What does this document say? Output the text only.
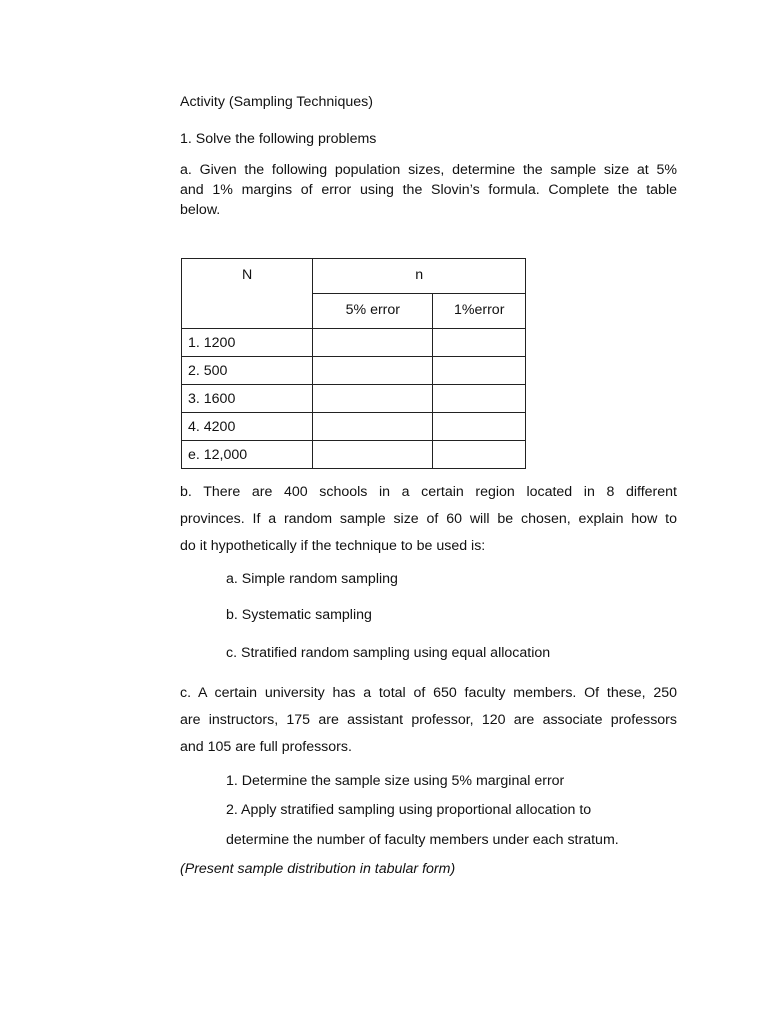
Activity (Sampling Techniques)
1. Solve the following problems
a. Given the following population sizes, determine the sample size at 5%
and 1% margins of error using the Slovin’s formula. Complete the table
below.
N	n	
	5% error	1%error
1. 1200		
2. 500		
3. 1600		
4. 4200		
e. 12,000		
b. There are 400 schools in a certain region located in 8 different
provinces. If a random sample size of 60 will be chosen, explain how to
do it hypothetically if the technique to be used is:
a. Simple random sampling
b. Systematic sampling
c. Stratified random sampling using equal allocation
c. A certain university has a total of 650 faculty members. Of these, 250
are instructors, 175 are assistant professor, 120 are associate professors
and 105 are full professors.
1. Determine the sample size using 5% marginal error
2. Apply stratified sampling using proportional allocation to
determine the number of faculty members under each stratum.
(Present sample distribution in tabular form)
